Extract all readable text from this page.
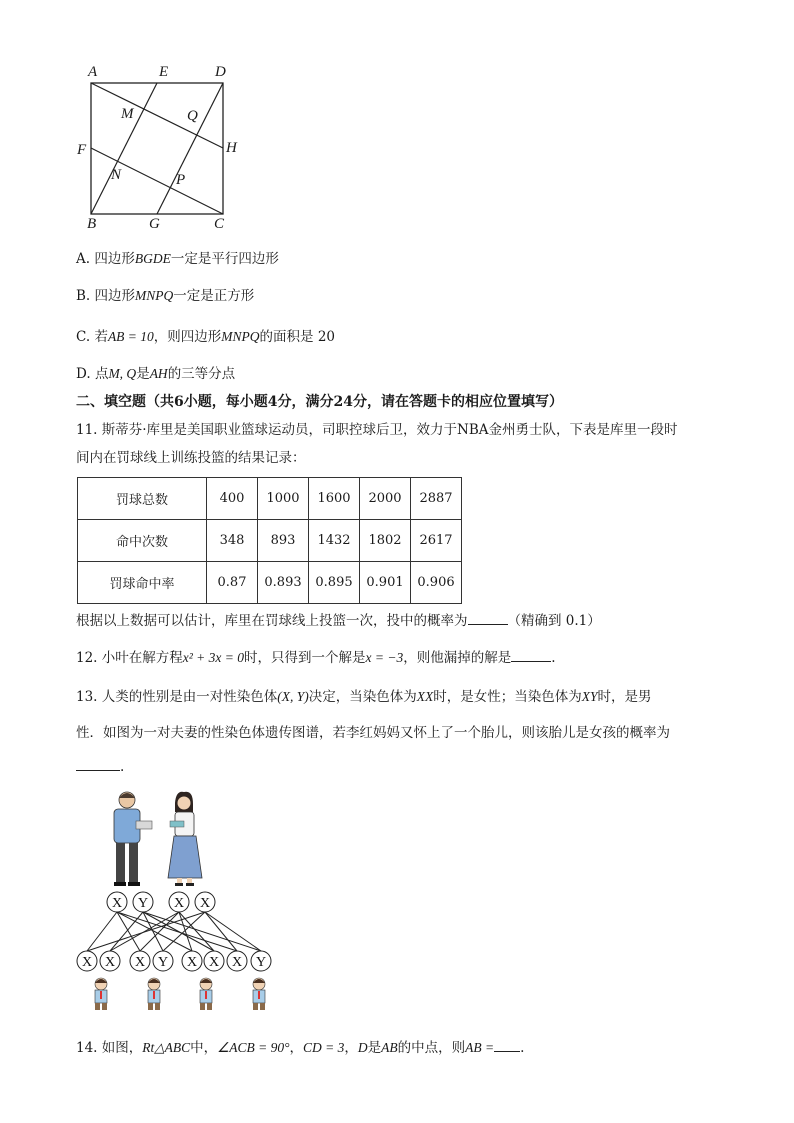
A	E	D
M	Q
F	H
N	P
B	G	C
A. 四边形BGDE一定是平行四边形
B. 四边形MNPQ一定是正方形
C. 若AB = 10，则四边形MNPQ的面积是 20
D. 点M, Q是AH的三等分点
二、填空题（共6小题，每小题4分，满分24分，请在答题卡的相应位置填写）
11. 斯蒂芬·库里是美国职业篮球运动员，司职控球后卫，效力于NBA金州勇士队，下表是库里一段时
间内在罚球线上训练投篮的结果记录：
罚球总数	400	1000	1600	2000	2887
命中次数	348	893	1432	1802	2617
罚球命中率	0.87	0.893	0.895	0.901	0.906
根据以上数据可以估计，库里在罚球线上投篮一次，投中的概率为	（精确到 0.1）
12. 小叶在解方程x² + 3x = 0时，只得到一个解是x = −3，则他漏掉的解是	.
13. 人类的性别是由一对性染色体(X, Y)决定，当染色体为XX时，是女性；当染色体为XY时，是男
性．如图为一对夫妻的性染色体遗传图谱，若李红妈妈又怀上了一个胎儿，则该胎儿是女孩的概率为
.
X Y X X
X X X Y X X X Y
14. 如图，Rt△ABC中，∠ACB = 90°，CD = 3，D是AB的中点，则AB = .
